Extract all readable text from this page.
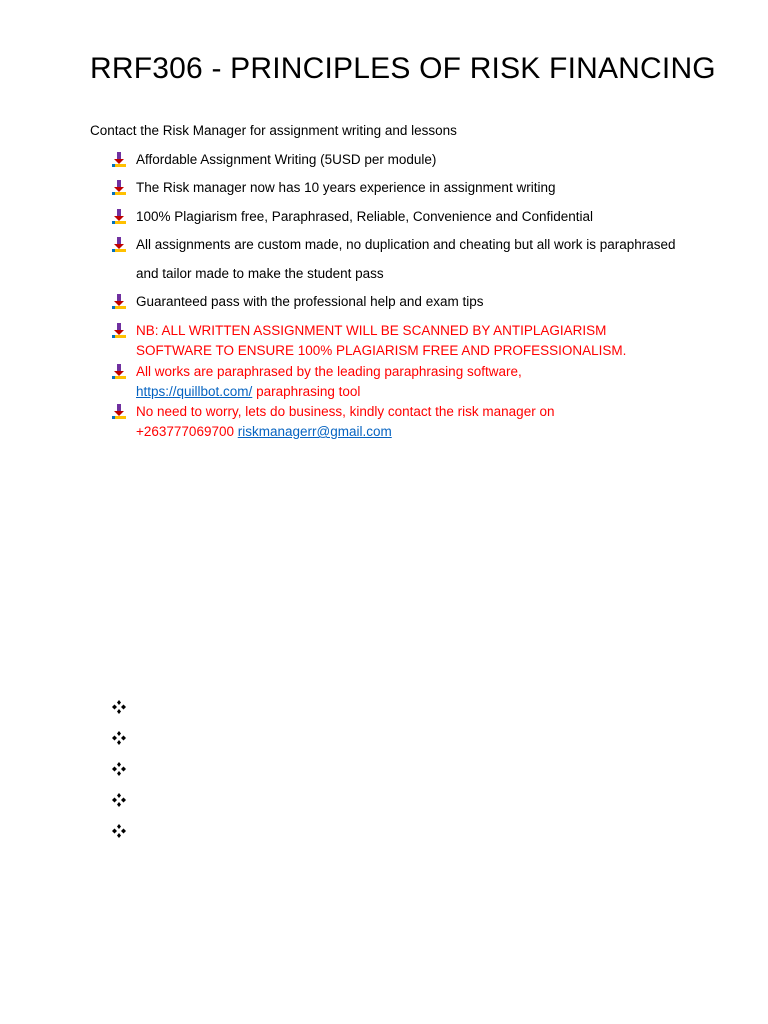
RRF306 - PRINCIPLES OF RISK FINANCING

Contact the Risk Manager for assignment writing and lessons

Affordable Assignment Writing (5USD per module)
The Risk manager now has 10 years experience in assignment writing
100% Plagiarism free, Paraphrased, Reliable, Convenience and Confidential
All assignments are custom made, no duplication and cheating but all work is paraphrased
and tailor made to make the student pass
Guaranteed pass with the professional help and exam tips
NB: ALL WRITTEN ASSIGNMENT WILL BE SCANNED BY ANTIPLAGIARISM
SOFTWARE TO ENSURE 100% PLAGIARISM FREE AND PROFESSIONALISM.
All works are paraphrased by the leading paraphrasing software,
https://quillbot.com/ paraphrasing tool
No need to worry, lets do business, kindly contact the risk manager on
+263777069700 riskmanagerr@gmail.com
